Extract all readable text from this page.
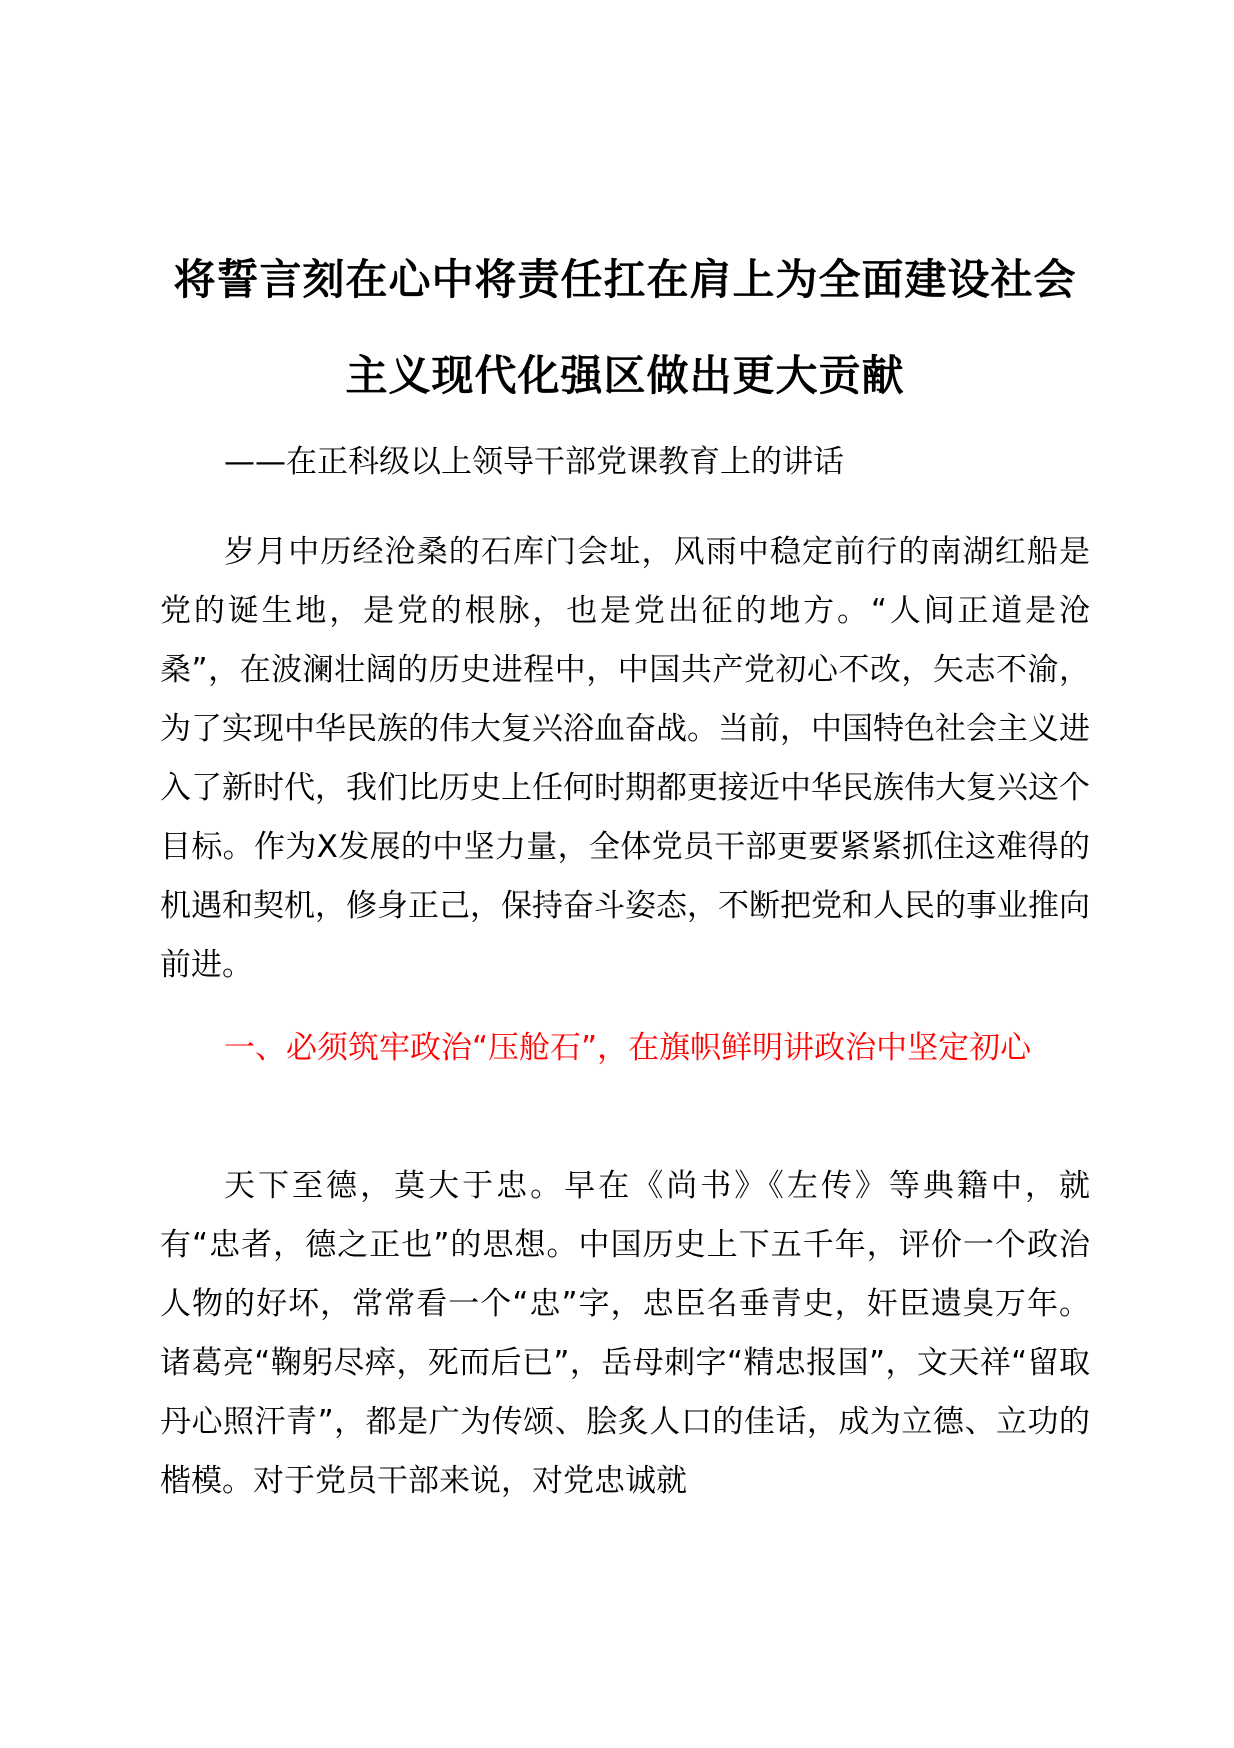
将誓言刻在心中将责任扛在肩上为全面建设社会主义现代化强区做出更大贡献

——在正科级以上领导干部党课教育上的讲话

岁月中历经沧桑的石库门会址，风雨中稳定前行的南湖红船是党的诞生地，是党的根脉，也是党出征的地方。“人间正道是沧桑”，在波澜壮阔的历史进程中，中国共产党初心不改，矢志不渝，为了实现中华民族的伟大复兴浴血奋战。当前，中国特色社会主义进入了新时代，我们比历史上任何时期都更接近中华民族伟大复兴这个目标。作为X发展的中坚力量，全体党员干部更要紧紧抓住这难得的机遇和契机，修身正己，保持奋斗姿态，不断把党和人民的事业推向前进。

一、必须筑牢政治“压舱石”，在旗帜鲜明讲政治中坚定初心

天下至德，莫大于忠。早在《尚书》《左传》等典籍中，就有“忠者，德之正也”的思想。中国历史上下五千年，评价一个政治人物的好坏，常常看一个“忠”字，忠臣名垂青史，奸臣遗臭万年。诸葛亮“鞠躬尽瘁，死而后已”，岳母刺字“精忠报国”，文天祥“留取丹心照汗青”，都是广为传颂、脍炙人口的佳话，成为立德、立功的楷模。对于党员干部来说，对党忠诚就
